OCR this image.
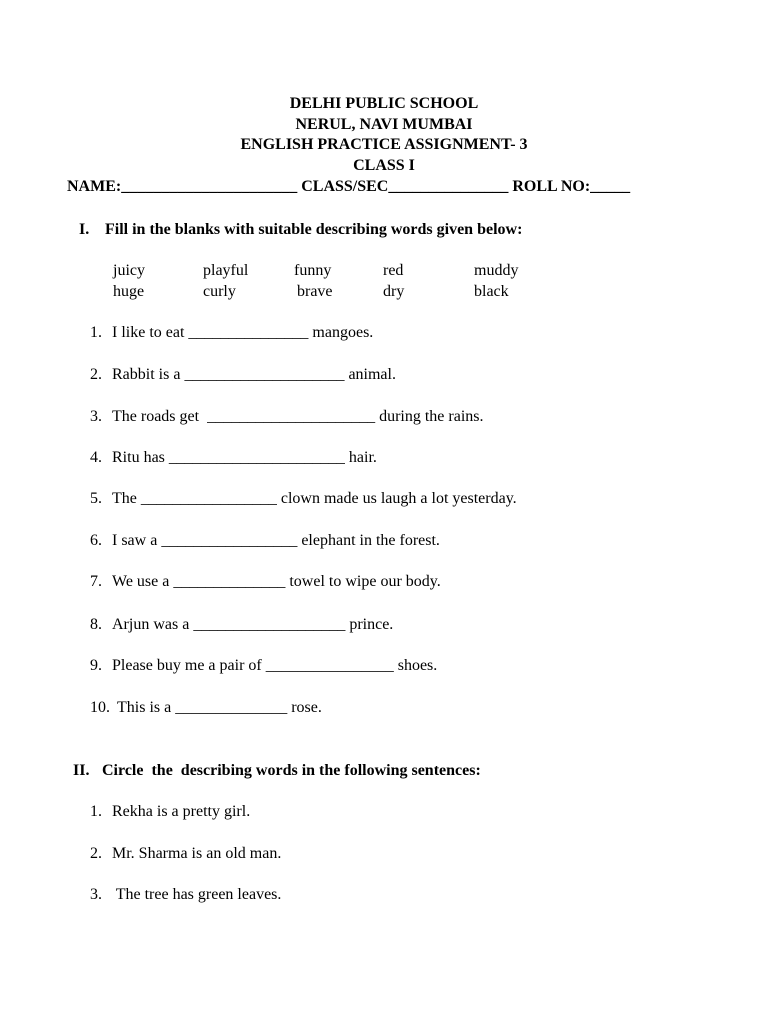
DELHI PUBLIC SCHOOL
NERUL, NAVI MUMBAI
ENGLISH PRACTICE ASSIGNMENT- 3
CLASS I
NAME:______________________ CLASS/SEC_______________ ROLL NO:_____
I. Fill in the blanks with suitable describing words given below:
juicy	playful	funny	red	muddy
huge	curly	brave	dry	black
1. I like to eat _______________ mangoes.
2. Rabbit is a ____________________ animal.
3. The roads get  _____________________ during the rains.
4. Ritu has ______________________ hair.
5. The _________________ clown made us laugh a lot yesterday.
6. I saw a _________________ elephant in the forest.
7. We use a ______________ towel to wipe our body.
8. Arjun was a ___________________ prince.
9. Please buy me a pair of ________________ shoes.
10. This is a ______________ rose.
II. Circle  the  describing words in the following sentences:
1. Rekha is a pretty girl.
2. Mr. Sharma is an old man.
3. The tree has green leaves.
